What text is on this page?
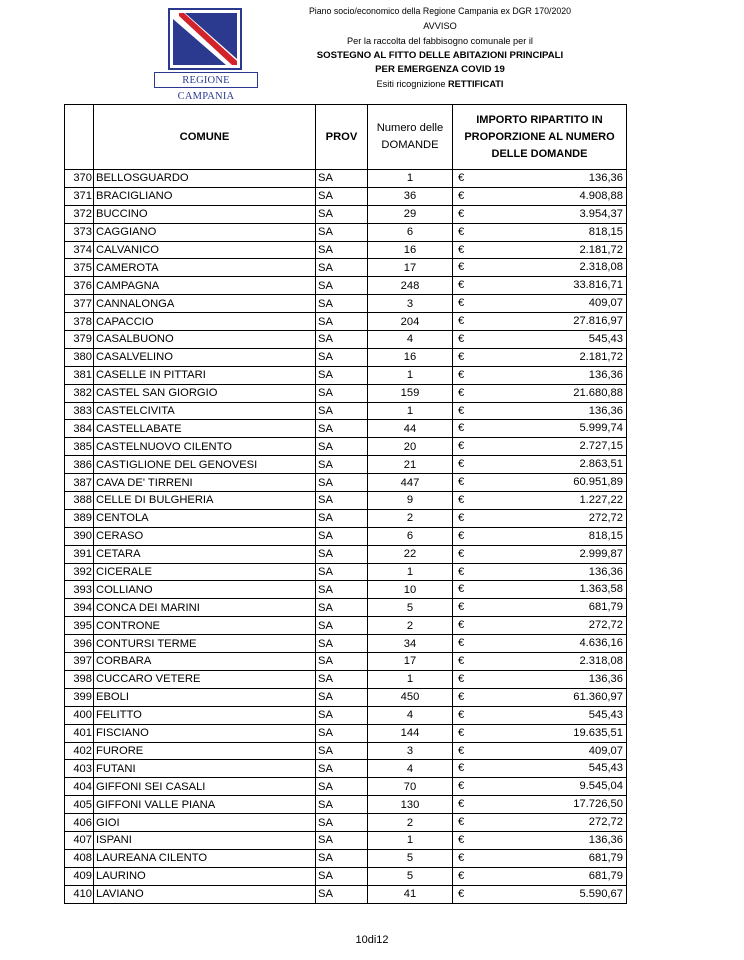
REGIONE CAMPANIA
Piano socio/economico della Regione Campania ex DGR 170/2020
AVVISO
Per la raccolta del fabbisogno comunale per il
SOSTEGNO AL FITTO DELLE ABITAZIONI PRINCIPALI
PER EMERGENZA COVID 19
Esiti ricognizione RETTIFICATI
	COMUNE	PROV	Numero delle DOMANDE	IMPORTO RIPARTITO IN PROPORZIONE AL NUMERO DELLE DOMANDE

370	BELLOSGUARDO	SA	1	€ 136,36

371	BRACIGLIANO	SA	36	€ 4.908,88

372	BUCCINO	SA	29	€ 3.954,37

373	CAGGIANO	SA	6	€ 818,15

374	CALVANICO	SA	16	€ 2.181,72

375	CAMEROTA	SA	17	€ 2.318,08

376	CAMPAGNA	SA	248	€ 33.816,71

377	CANNALONGA	SA	3	€ 409,07

378	CAPACCIO	SA	204	€ 27.816,97

379	CASALBUONO	SA	4	€ 545,43

380	CASALVELINO	SA	16	€ 2.181,72

381	CASELLE IN PITTARI	SA	1	€ 136,36

382	CASTEL SAN GIORGIO	SA	159	€ 21.680,88

383	CASTELCIVITA	SA	1	€ 136,36

384	CASTELLABATE	SA	44	€ 5.999,74

385	CASTELNUOVO CILENTO	SA	20	€ 2.727,15

386	CASTIGLIONE DEL GENOVESI	SA	21	€ 2.863,51

387	CAVA DE' TIRRENI	SA	447	€ 60.951,89

388	CELLE DI BULGHERIA	SA	9	€ 1.227,22

389	CENTOLA	SA	2	€ 272,72

390	CERASO	SA	6	€ 818,15

391	CETARA	SA	22	€ 2.999,87

392	CICERALE	SA	1	€ 136,36

393	COLLIANO	SA	10	€ 1.363,58

394	CONCA DEI MARINI	SA	5	€ 681,79

395	CONTRONE	SA	2	€ 272,72

396	CONTURSI TERME	SA	34	€ 4.636,16

397	CORBARA	SA	17	€ 2.318,08

398	CUCCARO VETERE	SA	1	€ 136,36

399	EBOLI	SA	450	€ 61.360,97

400	FELITTO	SA	4	€ 545,43

401	FISCIANO	SA	144	€ 19.635,51

402	FURORE	SA	3	€ 409,07

403	FUTANI	SA	4	€ 545,43

404	GIFFONI SEI CASALI	SA	70	€ 9.545,04

405	GIFFONI VALLE PIANA	SA	130	€ 17.726,50

406	GIOI	SA	2	€ 272,72

407	ISPANI	SA	1	€ 136,36

408	LAUREANA CILENTO	SA	5	€ 681,79

409	LAURINO	SA	5	€ 681,79

410	LAVIANO	SA	41	€ 5.590,67
10di12
